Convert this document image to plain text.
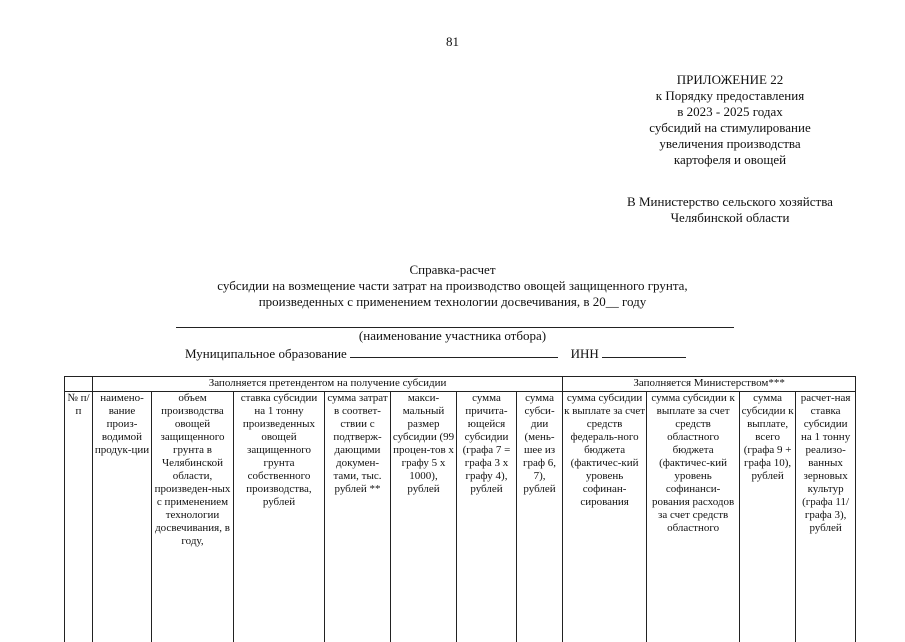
81
ПРИЛОЖЕНИЕ 22
к Порядку предоставления
в 2023 - 2025 годах
субсидий на стимулирование
увеличения производства
картофеля и овощей
В Министерство сельского хозяйства
Челябинской области
Справка-расчет
субсидии на возмещение части затрат на производство овощей защищенного грунта,
произведенных с применением технологии досвечивания, в 20__ году
(наименование участника отбора)
Муниципальное образование	ИНН
	Заполняется претендентом на получение субсидии							Заполняется Министерством***			
№ п/п	наимено-вание произ-водимой продук-ции	объем производства овощей защищенного грунта в Челябинской области, произведен-ных с применением технологии досвечивания, в году,	ставка субсидии на 1 тонну произведенных овощей защищенного грунта собственного производства, рублей	сумма затрат в соответ-ствии с подтверж-дающими докумен-тами, тыс. рублей **	макси-мальный размер субсидии (99 процен-тов х графу 5 х 1000), рублей	сумма причита-ющейся субсидии (графа 7 = графа 3 х графу 4), рублей	сумма субси-дии (мень-шее из граф 6, 7), рублей	сумма субсидии к выплате за счет средств федераль-ного бюджета (фактичес-кий уровень софинан-сирования	сумма субсидии к выплате за счет средств областного бюджета (фактичес-кий уровень софинанси-рования расходов за счет средств областного	сумма субсидии к выплате, всего (графа 9 + графа 10), рублей	расчет-ная ставка субсидии на 1 тонну реализо-ванных зерновых культур (графа 11/ графа 3), рублей
